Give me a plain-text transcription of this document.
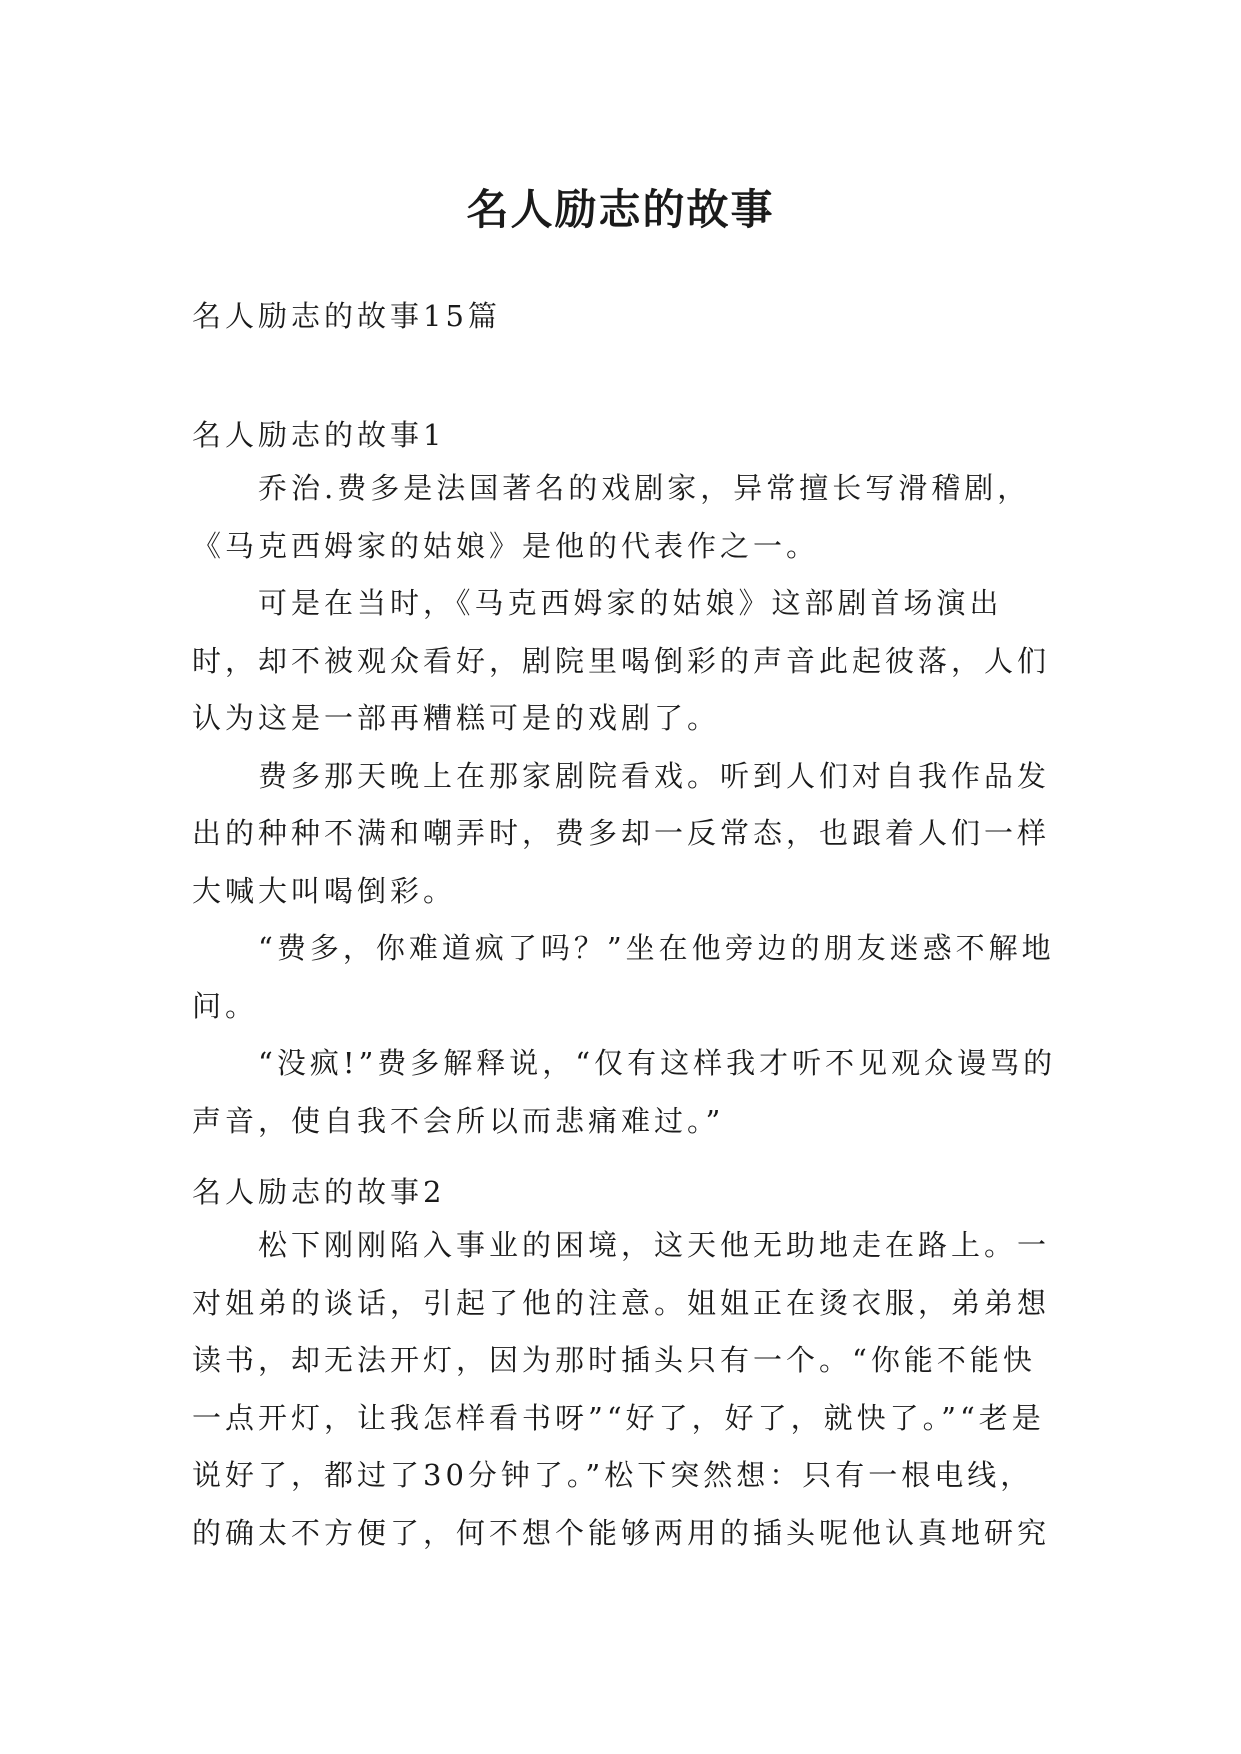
名人励志的故事
名人励志的故事15篇

名人励志的故事1

乔治.费多是法国著名的戏剧家，异常擅长写滑稽剧，《马克西姆家的姑娘》是他的代表作之一。

可是在当时，《马克西姆家的姑娘》这部剧首场演出时，却不被观众看好，剧院里喝倒彩的声音此起彼落，人们认为这是一部再糟糕可是的戏剧了。

费多那天晚上在那家剧院看戏。听到人们对自我作品发出的种种不满和嘲弄时，费多却一反常态，也跟着人们一样大喊大叫喝倒彩。

“费多，你难道疯了吗？”坐在他旁边的朋友迷惑不解地问。

“没疯!”费多解释说，“仅有这样我才听不见观众谩骂的声音，使自我不会所以而悲痛难过。”

名人励志的故事2

松下刚刚陷入事业的困境，这天他无助地走在路上。一对姐弟的谈话，引起了他的注意。姐姐正在烫衣服，弟弟想读书，却无法开灯，因为那时插头只有一个。“你能不能快一点开灯，让我怎样看书呀”“好了，好了，就快了。”“老是说好了，都过了30分钟了。”松下突然想：只有一根电线，的确太不方便了，何不想个能够两用的插头呢他认真地研究
